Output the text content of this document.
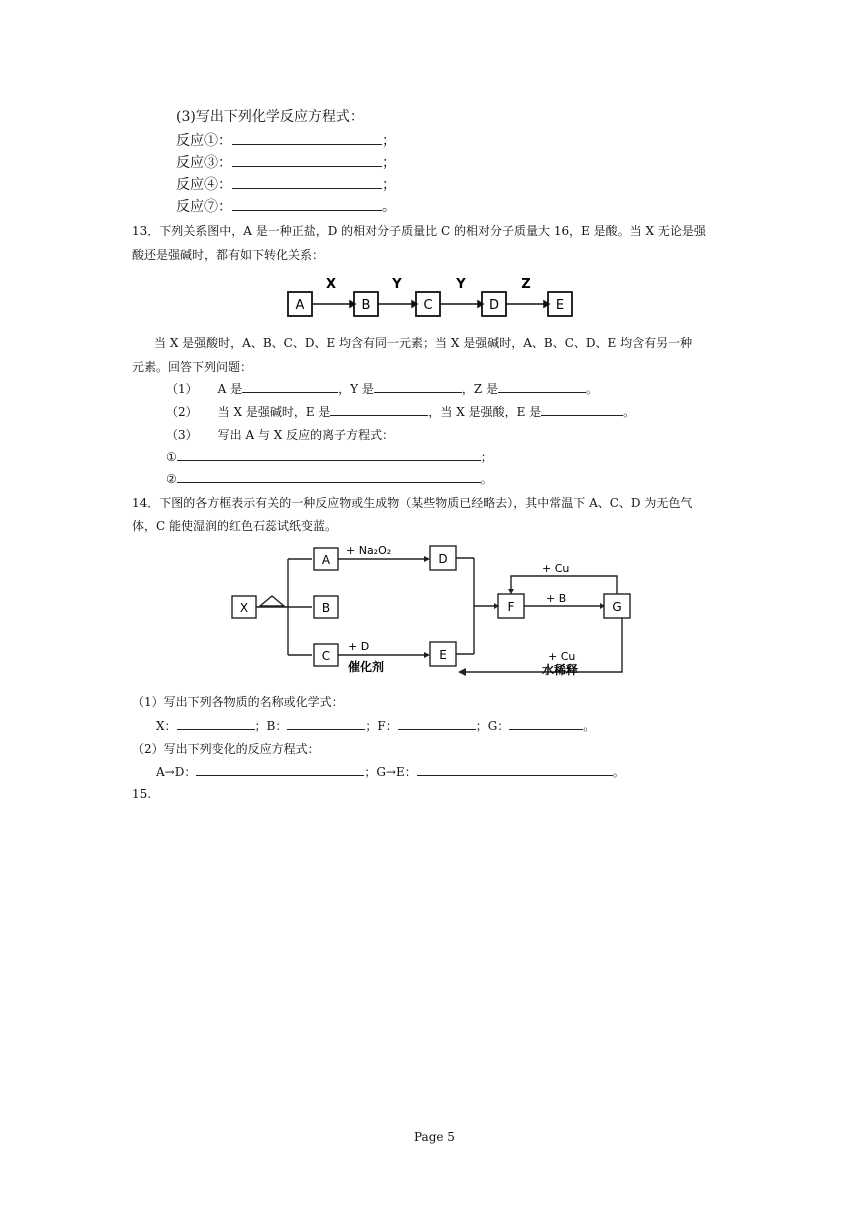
(3)写出下列化学反应方程式：
反应①：	；
反应③：	；
反应④：	；
反应⑦：	。
13．下列关系图中，A 是一种正盐，D 的相对分子质量比 C 的相对分子质量大 16，E 是酸。当 X 无论是强
酸还是强碱时，都有如下转化关系：
A	B	C	D	E
X	Y	Y	Z
当 X 是强酸时，A、B、C、D、E 均含有同一元素；当 X 是强碱时，A、B、C、D、E 均含有另一种
元素。回答下列问题：
（1） A 是	，Y 是	，Z 是	。
（2） 当 X 是强碱时，E 是	，当 X 是强酸，E 是	。
（3） 写出 A 与 X 反应的离子方程式：
①	；
②	。
14．下图的各方框表示有关的一种反应物或生成物（某些物质已经略去），其中常温下 A、C、D 为无色气
体，C 能使湿润的红色石蕊试纸变蓝。
X
A
B
C
D
E
F	G
+ Na₂O₂
+ D
催化剂
+ Cu
+ B
+ Cu
水稀释
（1）写出下列各物质的名称或化学式：
X：	；B：	；F：	；G：	。
（2）写出下列变化的反应方程式：
A→D：	；G→E：	。
15.
Page 5
